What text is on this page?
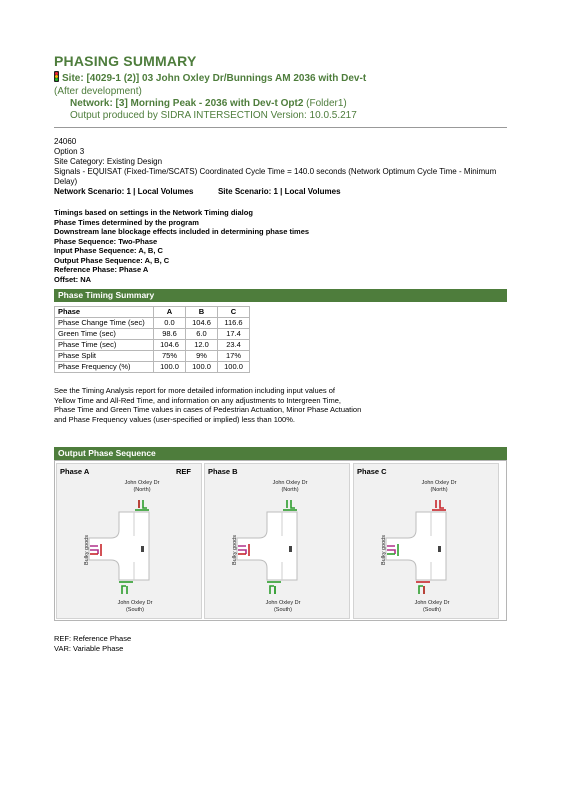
PHASING SUMMARY
Site: [4029-1 (2)] 03 John Oxley Dr/Bunnings AM 2036 with Dev-t (After development)
Network: [3] Morning Peak - 2036 with Dev-t Opt2 (Folder1)
Output produced by SIDRA INTERSECTION Version: 10.0.5.217
24060
Option 3
Site Category: Existing Design
Signals - EQUISAT (Fixed-Time/SCATS) Coordinated Cycle Time = 140.0 seconds (Network Optimum Cycle Time - Minimum Delay)
Network Scenario: 1 | Local Volumes	Site Scenario: 1 | Local Volumes
Timings based on settings in the Network Timing dialog
Phase Times determined by the program
Downstream lane blockage effects included in determining phase times
Phase Sequence: Two-Phase
Input Phase Sequence: A, B, C
Output Phase Sequence: A, B, C
Reference Phase: Phase A
Offset: NA
Phase Timing Summary
Phase	A	B	C
Phase Change Time (sec)	0.0	104.6	116.6
Green Time (sec)	98.6	6.0	17.4
Phase Time (sec)	104.6	12.0	23.4
Phase Split	75%	9%	17%
Phase Frequency (%)	100.0	100.0	100.0
See the Timing Analysis report for more detailed information including input values of
Yellow Time and All-Red Time, and information on any adjustments to Intergreen Time,
Phase Time and Green Time values in cases of Pedestrian Actuation, Minor Phase Actuation
and Phase Frequency values (user-specified or implied) less than 100%.
Output Phase Sequence
Phase A	REF
John Oxley Dr
(North)
John Oxley Dr
(South)
Bulky goods
Phase B
John Oxley Dr
(North)
John Oxley Dr
(South)
Bulky goods
Phase C
John Oxley Dr
(North)
John Oxley Dr
(South)
Bulky goods
REF: Reference Phase
VAR: Variable Phase
